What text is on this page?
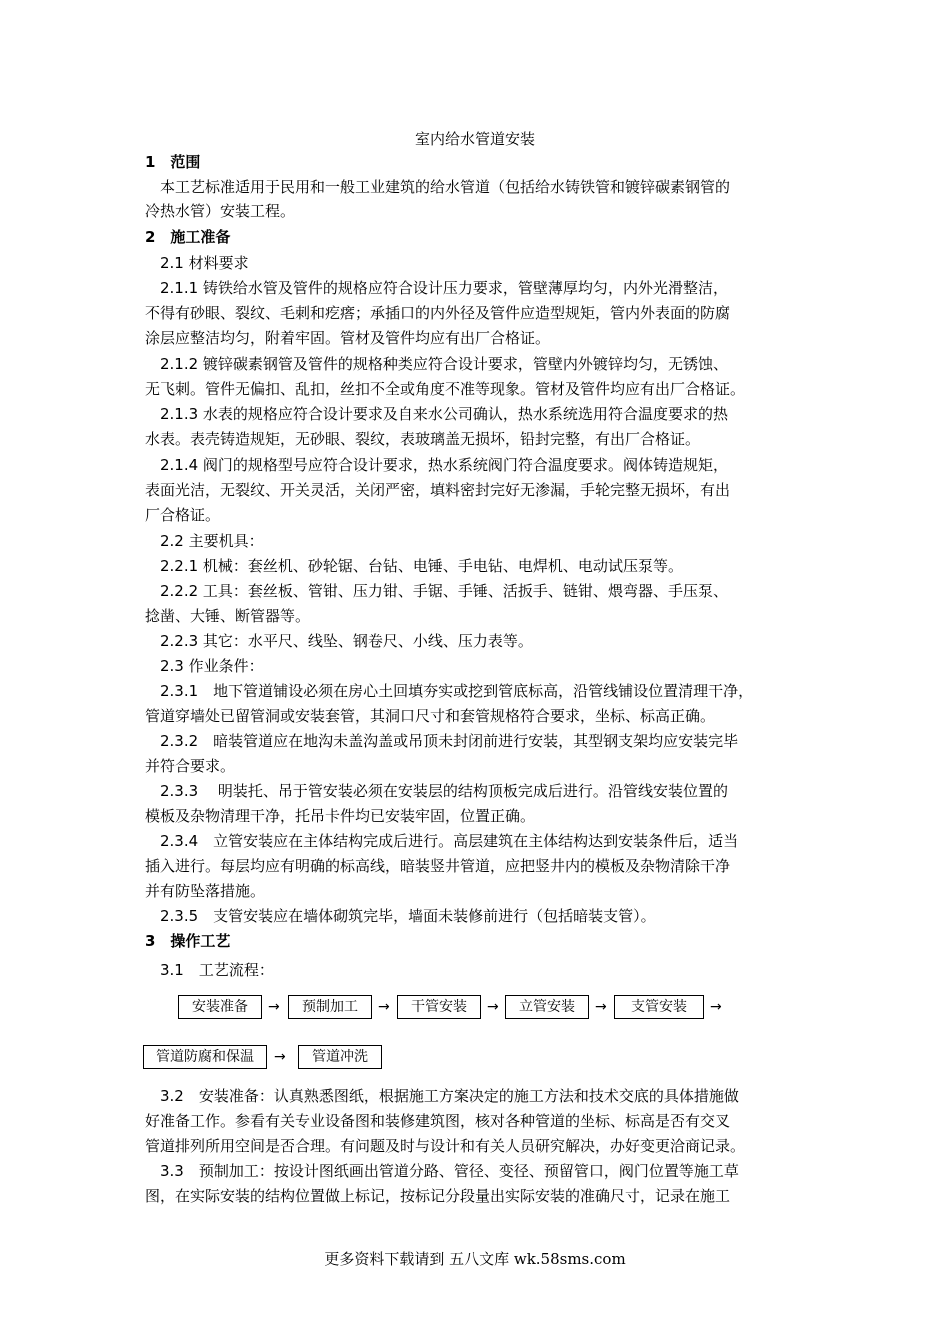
室内给水管道安装
1　范围
　本工艺标准适用于民用和一般工业建筑的给水管道（包括给水铸铁管和镀锌碳素钢管的
冷热水管）安装工程。
2　施工准备
　2.1 材料要求
　2.1.1 铸铁给水管及管件的规格应符合设计压力要求，管壁薄厚均匀，内外光滑整洁，
不得有砂眼、裂纹、毛刺和疙瘩；承插口的内外径及管件应造型规矩，管内外表面的防腐
涂层应整洁均匀，附着牢固。管材及管件均应有出厂合格证。
　2.1.2 镀锌碳素钢管及管件的规格种类应符合设计要求，管壁内外镀锌均匀，无锈蚀、
无飞刺。管件无偏扣、乱扣，丝扣不全或角度不准等现象。管材及管件均应有出厂合格证。
　2.1.3 水表的规格应符合设计要求及自来水公司确认，热水系统选用符合温度要求的热
水表。表壳铸造规矩，无砂眼、裂纹，表玻璃盖无损坏，铅封完整，有出厂合格证。
　2.1.4 阀门的规格型号应符合设计要求，热水系统阀门符合温度要求。阀体铸造规矩，
表面光洁，无裂纹、开关灵活，关闭严密，填料密封完好无渗漏，手轮完整无损坏，有出
厂合格证。
　2.2 主要机具：
　2.2.1 机械：套丝机、砂轮锯、台钻、电锤、手电钻、电焊机、电动试压泵等。
　2.2.2 工具：套丝板、管钳、压力钳、手锯、手锤、活扳手、链钳、煨弯器、手压泵、
捻凿、大锤、断管器等。
　2.2.3 其它：水平尺、线坠、钢卷尺、小线、压力表等。
　2.3 作业条件：
　2.3.1　地下管道铺设必须在房心土回填夯实或挖到管底标高，沿管线铺设位置清理干净，
管道穿墙处已留管洞或安装套管，其洞口尺寸和套管规格符合要求，坐标、标高正确。
　2.3.2　暗装管道应在地沟未盖沟盖或吊顶未封闭前进行安装，其型钢支架均应安装完毕
并符合要求。
　2.3.3　 明装托、吊于管安装必须在安装层的结构顶板完成后进行。沿管线安装位置的
模板及杂物清理干净，托吊卡件均已安装牢固，位置正确。
　2.3.4　立管安装应在主体结构完成后进行。高层建筑在主体结构达到安装条件后，适当
插入进行。每层均应有明确的标高线，暗装竖井管道，应把竖井内的模板及杂物清除干净
并有防坠落措施。
　2.3.5　支管安装应在墙体砌筑完毕，墙面未装修前进行（包括暗装支管）。
3　操作工艺
　3.1　工艺流程：
安装准备	→	预制加工	→	干管安装	→	立管安装	→	支管安装	→
管道防腐和保温	→	管道冲洗
　3.2　安装准备：认真熟悉图纸，根据施工方案决定的施工方法和技术交底的具体措施做
好准备工作。参看有关专业设备图和装修建筑图，核对各种管道的坐标、标高是否有交叉
管道排列所用空间是否合理。有问题及时与设计和有关人员研究解决，办好变更洽商记录。
　3.3　预制加工：按设计图纸画出管道分路、管径、变径、预留管口，阀门位置等施工草
图，在实际安装的结构位置做上标记，按标记分段量出实际安装的准确尺寸，记录在施工
更多资料下载请到 五八文库 wk.58sms.com
